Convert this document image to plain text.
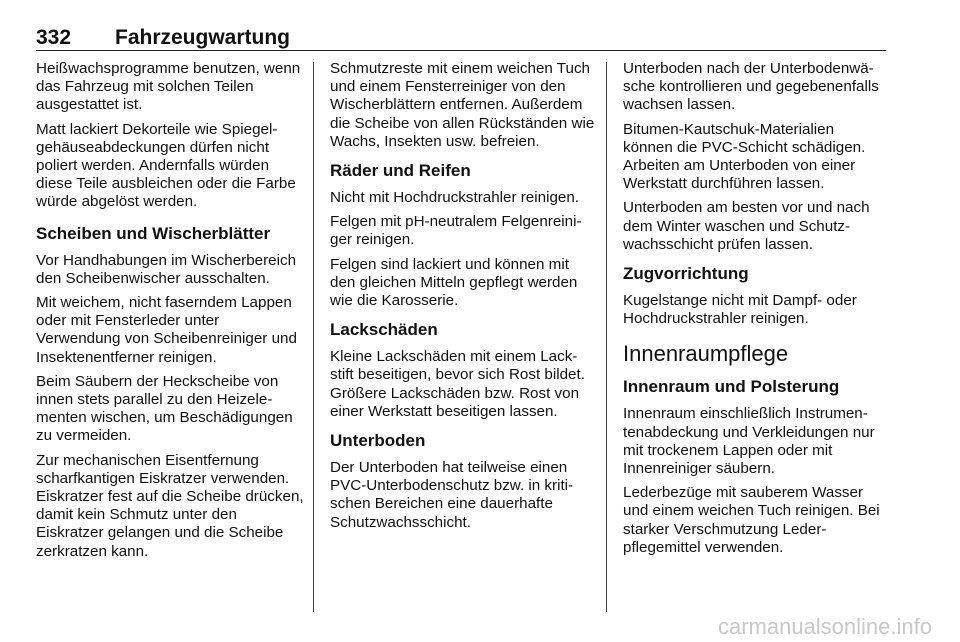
332 Fahrzeugwartung

Heißwachsprogramme benutzen, wenn das Fahrzeug mit solchen Teilen ausgestattet ist.

Matt lackiert Dekorteile wie Spiegelgehäuseabdeckungen dürfen nicht poliert werden. Andernfalls würden diese Teile ausbleichen oder die Farbe würde abgelöst werden.

Scheiben und Wischerblätter

Vor Handhabungen im Wischerbereich den Scheibenwischer ausschalten.

Mit weichem, nicht faserndem Lappen oder mit Fensterleder unter Verwendung von Scheibenreiniger und Insektenentferner reinigen.

Beim Säubern der Heckscheibe von innen stets parallel zu den Heizelementen wischen, um Beschädigungen zu vermeiden.

Zur mechanischen Eisentfernung scharfkantigen Eiskratzer verwenden. Eiskratzer fest auf die Scheibe drücken, damit kein Schmutz unter den Eiskratzer gelangen und die Scheibe zerkratzen kann.

Schmutzreste mit einem weichen Tuch und einem Fensterreiniger von den Wischerblättern entfernen. Außerdem die Scheibe von allen Rückständen wie Wachs, Insekten usw. befreien.

Räder und Reifen

Nicht mit Hochdruckstrahler reinigen.

Felgen mit pH-neutralem Felgenreiniger reinigen.

Felgen sind lackiert und können mit den gleichen Mitteln gepflegt werden wie die Karosserie.

Lackschäden

Kleine Lackschäden mit einem Lackstift beseitigen, bevor sich Rost bildet. Größere Lackschäden bzw. Rost von einer Werkstatt beseitigen lassen.

Unterboden

Der Unterboden hat teilweise einen PVC-Unterbodenschutz bzw. in kritischen Bereichen eine dauerhafte Schutzwachsschicht.

Unterboden nach der Unterbodenwäsche kontrollieren und gegebenenfalls wachsen lassen.

Bitumen-Kautschuk-Materialien können die PVC-Schicht schädigen. Arbeiten am Unterboden von einer Werkstatt durchführen lassen.

Unterboden am besten vor und nach dem Winter waschen und Schutzwachsschicht prüfen lassen.

Zugvorrichtung

Kugelstange nicht mit Dampf- oder Hochdruckstrahler reinigen.

Innenraumpflege
Innenraum und Polsterung

Innenraum einschließlich Instrumentenabdeckung und Verkleidungen nur mit trockenem Lappen oder mit Innenreiniger säubern.

Lederbezüge mit sauberem Wasser und einem weichen Tuch reinigen. Bei starker Verschmutzung Lederpflegemittel verwenden.

carmanualsonline.info
